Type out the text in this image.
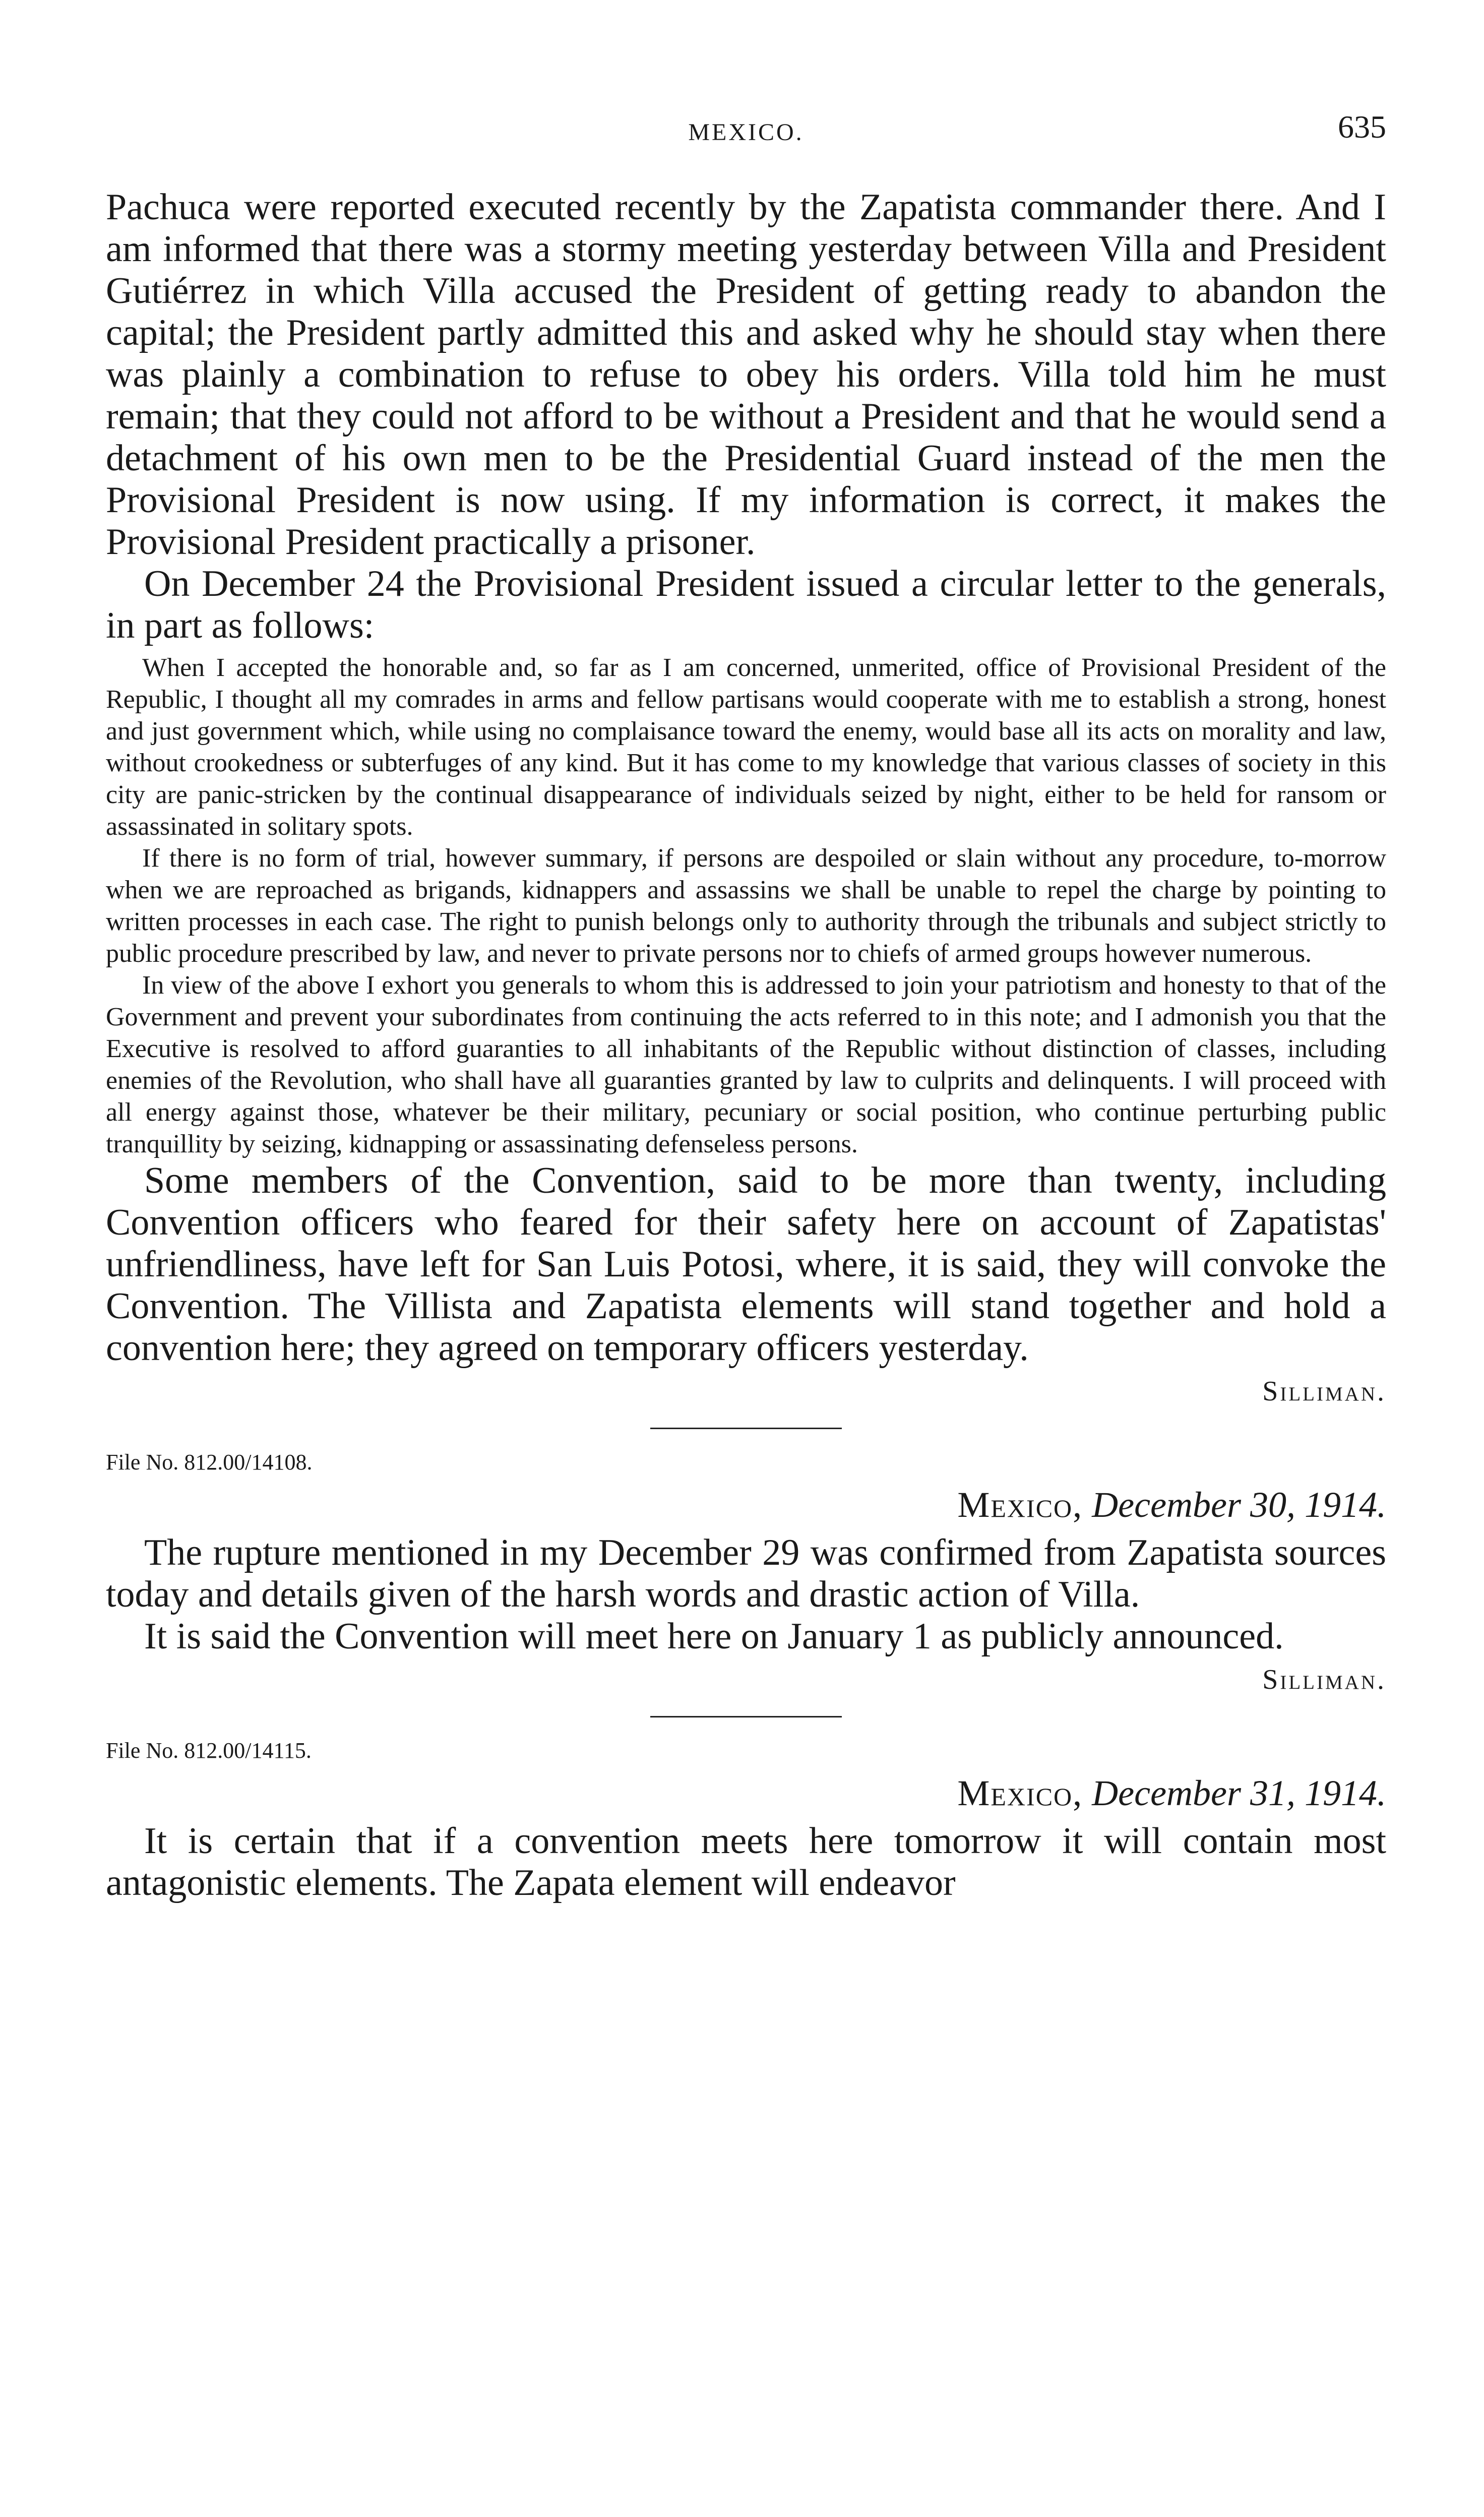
MEXICO.	635

Pachuca were reported executed recently by the Zapatista commander there. And I am informed that there was a stormy meeting yesterday between Villa and President Gutiérrez in which Villa accused the President of getting ready to abandon the capital; the President partly admitted this and asked why he should stay when there was plainly a combination to refuse to obey his orders. Villa told him he must remain; that they could not afford to be without a President and that he would send a detachment of his own men to be the Presidential Guard instead of the men the Provisional President is now using. If my information is correct, it makes the Provisional President practically a prisoner.

On December 24 the Provisional President issued a circular letter to the generals, in part as follows:

When I accepted the honorable and, so far as I am concerned, unmerited, office of Provisional President of the Republic, I thought all my comrades in arms and fellow partisans would cooperate with me to establish a strong, honest and just government which, while using no complaisance toward the enemy, would base all its acts on morality and law, without crookedness or subterfuges of any kind. But it has come to my knowledge that various classes of society in this city are panic-stricken by the continual disappearance of individuals seized by night, either to be held for ransom or assassinated in solitary spots.

If there is no form of trial, however summary, if persons are despoiled or slain without any procedure, to-morrow when we are reproached as brigands, kidnappers and assassins we shall be unable to repel the charge by pointing to written processes in each case. The right to punish belongs only to authority through the tribunals and subject strictly to public procedure prescribed by law, and never to private persons nor to chiefs of armed groups however numerous.

In view of the above I exhort you generals to whom this is addressed to join your patriotism and honesty to that of the Government and prevent your subordinates from continuing the acts referred to in this note; and I admonish you that the Executive is resolved to afford guaranties to all inhabitants of the Republic without distinction of classes, including enemies of the Revolution, who shall have all guaranties granted by law to culprits and delinquents. I will proceed with all energy against those, whatever be their military, pecuniary or social position, who continue perturbing public tranquillity by seizing, kidnapping or assassinating defenseless persons.

Some members of the Convention, said to be more than twenty, including Convention officers who feared for their safety here on account of Zapatistas' unfriendliness, have left for San Luis Potosi, where, it is said, they will convoke the Convention. The Villista and Zapatista elements will stand together and hold a convention here; they agreed on temporary officers yesterday.

Silliman.
File No. 812.00/14108.
Mexico, December 30, 1914.

The rupture mentioned in my December 29 was confirmed from Zapatista sources today and details given of the harsh words and drastic action of Villa.

It is said the Convention will meet here on January 1 as publicly announced.

Silliman.
File No. 812.00/14115.
Mexico, December 31, 1914.

It is certain that if a convention meets here tomorrow it will contain most antagonistic elements. The Zapata element will endeavor
